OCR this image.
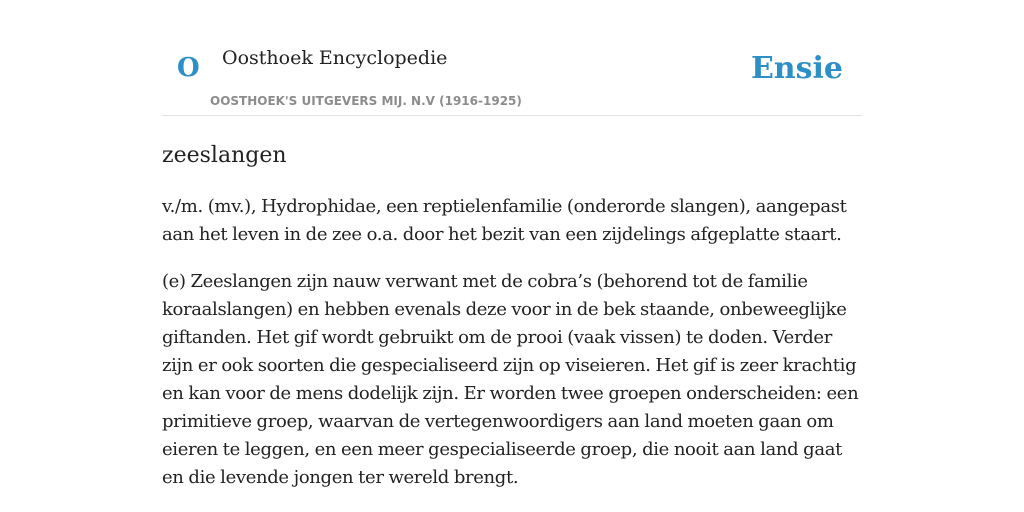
O Oosthoek Encyclopedie
OOSTHOEK'S UITGEVERS MIJ. N.V (1916-1925)
Ensie
zeeslangen

v./m. (mv.), Hydrophidae, een reptielenfamilie (onderorde slangen), aangepast aan het leven in de zee o.a. door het bezit van een zijdelings afgeplatte staart.

(e) Zeeslangen zijn nauw verwant met de cobra’s (behorend tot de familie koraalslangen) en hebben evenals deze voor in de bek staande, onbeweeglijke giftanden. Het gif wordt gebruikt om de prooi (vaak vissen) te doden. Verder zijn er ook soorten die gespecialiseerd zijn op viseieren. Het gif is zeer krachtig en kan voor de mens dodelijk zijn. Er worden twee groepen onderscheiden: een primitieve groep, waarvan de vertegenwoordigers aan land moeten gaan om eieren te leggen, en een meer gespecialiseerde groep, die nooit aan land gaat en die levende jongen ter wereld brengt.
